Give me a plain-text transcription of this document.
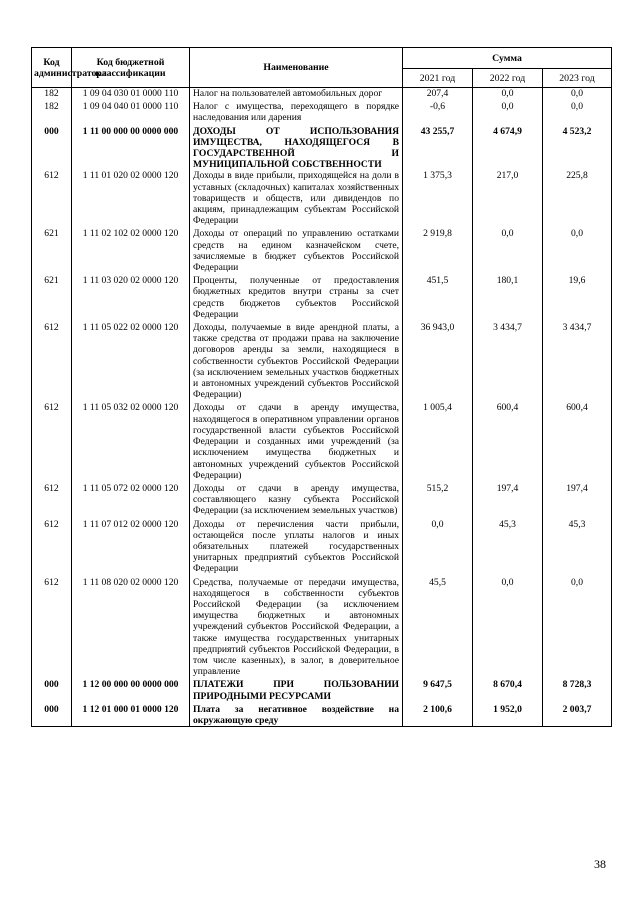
Код администратора	Код бюджетной классификации	Наименование	Сумма		
			2021 год	2022 год	2023 год
182	1 09 04 030 01 0000 110	Налог на пользователей автомобильных дорог	207,4	0,0	0,0
182	1 09 04 040 01 0000 110	Налог с имущества, переходящего в порядке наследования или дарения	-0,6	0,0	0,0
000	1 11 00 000 00 0000 000	ДОХОДЫ ОТ ИСПОЛЬЗОВАНИЯ ИМУЩЕСТВА, НАХОДЯЩЕГОСЯ В ГОСУДАРСТВЕННОЙ И МУНИЦИПАЛЬНОЙ СОБСТВЕННОСТИ	43 255,7	4 674,9	4 523,2
612	1 11 01 020 02 0000 120	Доходы в виде прибыли, приходящейся на доли в уставных (складочных) капиталах хозяйственных товариществ и обществ, или дивидендов по акциям, принадлежащим субъектам Российской Федерации	1 375,3	217,0	225,8
621	1 11 02 102 02 0000 120	Доходы от операций по управлению остатками средств на едином казначейском счете, зачисляемые в бюджет субъектов Российской Федерации	2 919,8	0,0	0,0
621	1 11 03 020 02 0000 120	Проценты, полученные от предоставления бюджетных кредитов внутри страны за счет средств бюджетов субъектов Российской Федерации	451,5	180,1	19,6
612	1 11 05 022 02 0000 120	Доходы, получаемые в виде арендной платы, а также средства от продажи права на заключение договоров аренды за земли, находящиеся в собственности субъектов Российской Федерации (за исключением земельных участков бюджетных и автономных учреждений субъектов Российской Федерации)	36 943,0	3 434,7	3 434,7
612	1 11 05 032 02 0000 120	Доходы от сдачи в аренду имущества, находящегося в оперативном управлении органов государственной власти субъектов Российской Федерации и созданных ими учреждений (за исключением имущества бюджетных и автономных учреждений субъектов Российской Федерации)	1 005,4	600,4	600,4
612	1 11 05 072 02 0000 120	Доходы от сдачи в аренду имущества, составляющего казну субъекта Российской Федерации (за исключением земельных участков)	515,2	197,4	197,4
612	1 11 07 012 02 0000 120	Доходы от перечисления части прибыли, остающейся после уплаты налогов и иных обязательных платежей государственных унитарных предприятий субъектов Российской Федерации	0,0	45,3	45,3
612	1 11 08 020 02 0000 120	Средства, получаемые от передачи имущества, находящегося в собственности субъектов Российской Федерации (за исключением имущества бюджетных и автономных учреждений субъектов Российской Федерации, а также имущества государственных унитарных предприятий субъектов Российской Федерации, в том числе казенных), в залог, в доверительное управление	45,5	0,0	0,0
000	1 12 00 000 00 0000 000	ПЛАТЕЖИ ПРИ ПОЛЬЗОВАНИИ ПРИРОДНЫМИ РЕСУРСАМИ	9 647,5	8 670,4	8 728,3
000	1 12 01 000 01 0000 120	Плата за негативное воздействие на окружающую среду	2 100,6	1 952,0	2 003,7
38
